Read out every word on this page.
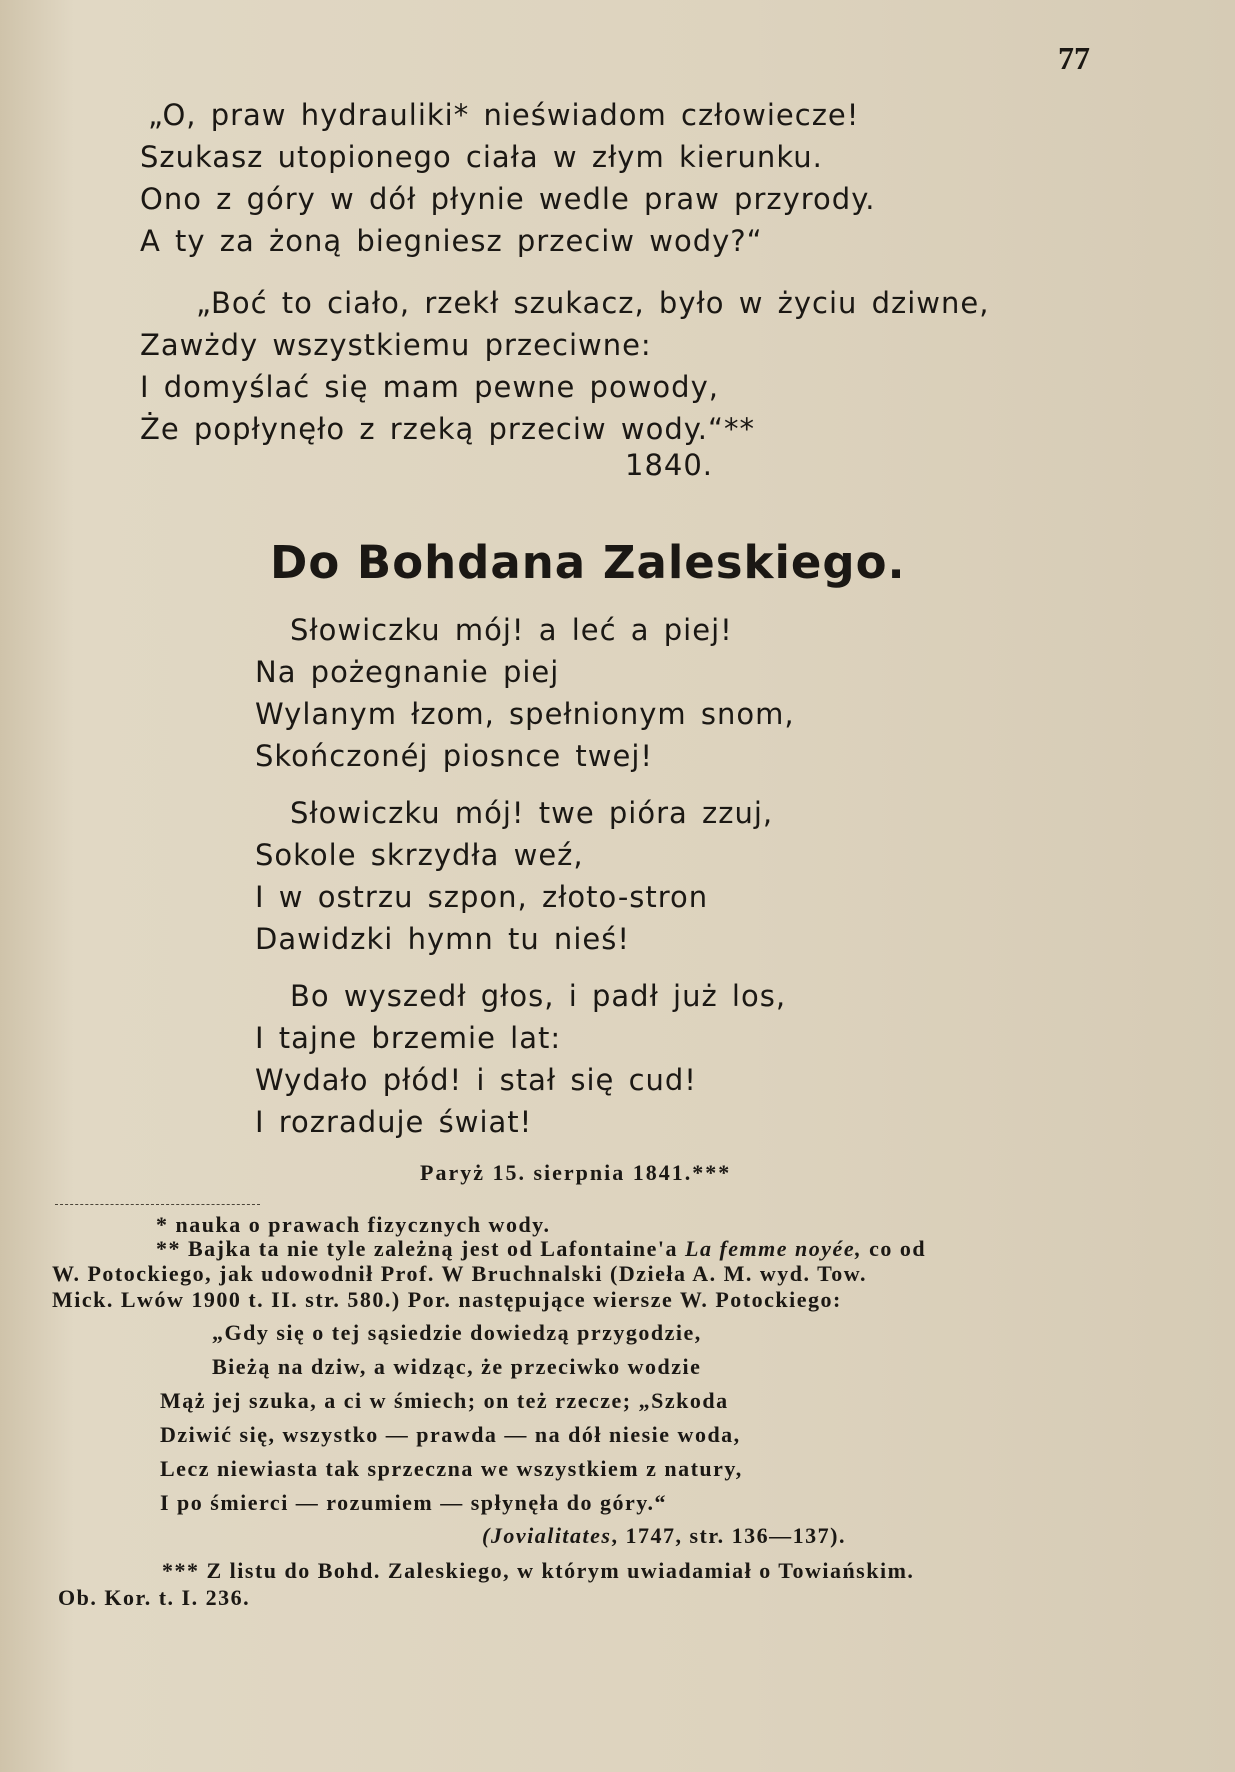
77
„O, praw hydrauliki* nieświadom człowiecze!
Szukasz utopionego ciała w złym kierunku.
Ono z góry w dół płynie wedle praw przyrody.
A ty za żoną biegniesz przeciw wody?“
„Boć to ciało, rzekł szukacz, było w życiu dziwne,
Zawżdy wszystkiemu przeciwne:
I domyślać się mam pewne powody,
Że popłynęło z rzeką przeciw wody.“**
1840.
Do Bohdana Zaleskiego.
Słowiczku mój! a leć a piej!
Na pożegnanie piej
Wylanym łzom, spełnionym snom,
Skończonéj piosnce twej!
Słowiczku mój! twe pióra zzuj,
Sokole skrzydła weź,
I w ostrzu szpon, złoto-stron
Dawidzki hymn tu nieś!
Bo wyszedł głos, i padł już los,
I tajne brzemie lat:
Wydało płód! i stał się cud!
I rozraduje świat!
Paryż 15. sierpnia 1841.***
* nauka o prawach fizycznych wody.
** Bajka ta nie tyle zależną jest od Lafontaine'a La femme noyée, co od
W. Potockiego, jak udowodnił Prof. W Bruchnalski (Dzieła A. M. wyd. Tow.
Mick. Lwów 1900 t. II. str. 580.) Por. następujące wiersze W. Potockiego:
„Gdy się o tej sąsiedzie dowiedzą przygodzie,
Bieżą na dziw, a widząc, że przeciwko wodzie
Mąż jej szuka, a ci w śmiech; on też rzecze; „Szkoda
Dziwić się, wszystko — prawda — na dół niesie woda,
Lecz niewiasta tak sprzeczna we wszystkiem z natury,
I po śmierci — rozumiem — spłynęła do góry.“
(Jovialitates, 1747, str. 136—137).
*** Z listu do Bohd. Zaleskiego, w którym uwiadamiał o Towiańskim.
Ob. Kor. t. I. 236.
